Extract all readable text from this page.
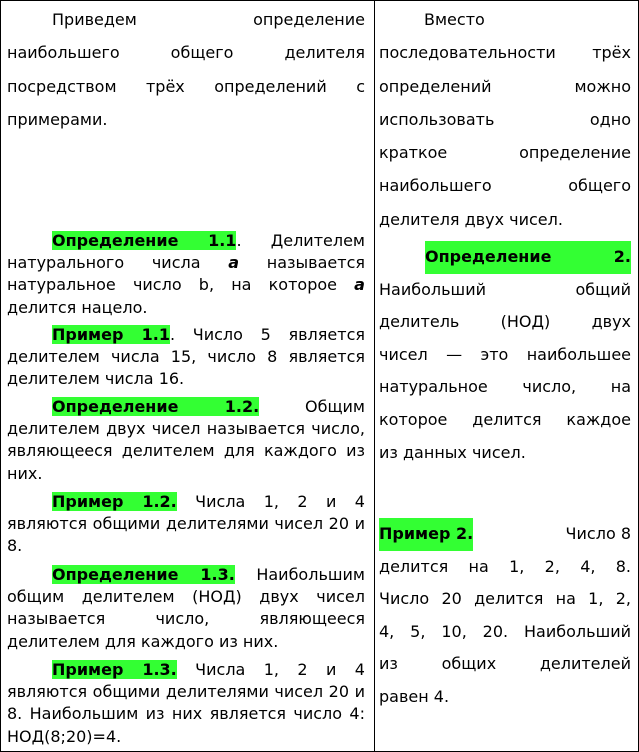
Приведем определение
наибольшего общего делителя
посредством трёх определений с
примерами.
Определение 1.1. Делителем натурального числа a называется натуральное число b, на которое a делится нацело.
Пример 1.1. Число 5 является делителем числа 15, число 8 является делителем числа 16.
Определение 1.2. Общим делителем двух чисел называется число, являющееся делителем для каждого из них.
Пример 1.2. Числа 1, 2 и 4 являются общими делителями чисел 20 и 8.
Определение 1.3. Наибольшим общим делителем (НОД) двух чисел называется число, являющееся делителем для каждого из них.
Пример 1.3. Числа 1, 2 и 4 являются общими делителями чисел 20 и 8. Наибольшим из них является число 4: НОД(8;20)=4.
Вместо
последовательности трёх
определений можно
использовать одно
краткое определение
наибольшего общего
делителя двух чисел.
Определение 2.
Наибольший общий
делитель (НОД) двух
чисел — это наибольшее
натуральное число, на
которое делится каждое
из данных чисел.
Пример 2.	Число 8
делится на 1, 2, 4, 8.
Число 20 делится на 1, 2,
4, 5, 10, 20. Наибольший
из общих делителей
равен 4.
